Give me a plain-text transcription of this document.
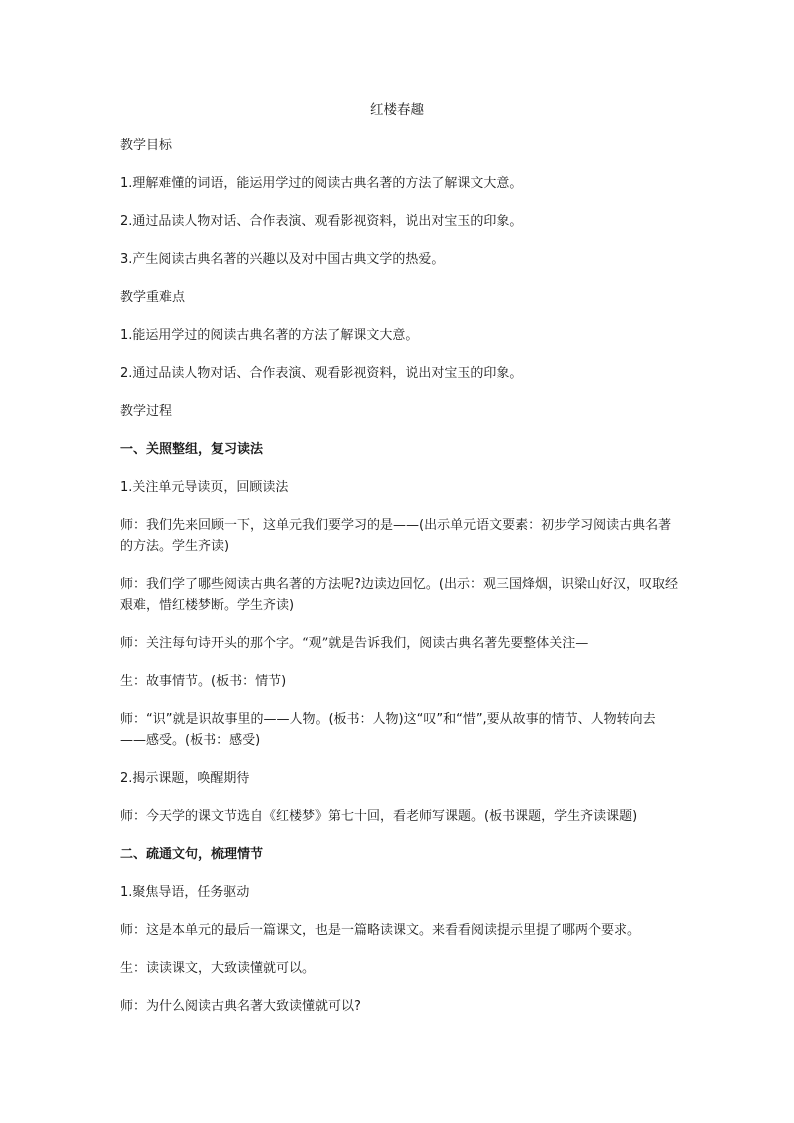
红楼春趣

教学目标

1.理解难懂的词语，能运用学过的阅读古典名著的方法了解课文大意。

2.通过品读人物对话、合作表演、观看影视资料，说出对宝玉的印象。

3.产生阅读古典名著的兴趣以及对中国古典文学的热爱。

教学重难点

1.能运用学过的阅读古典名著的方法了解课文大意。

2.通过品读人物对话、合作表演、观看影视资料，说出对宝玉的印象。

教学过程

一、关照整组，复习读法

1.关注单元导读页，回顾读法

师：我们先来回顾一下，这单元我们要学习的是——(出示单元语文要素：初步学习阅读古典名著的方法。学生齐读)

师：我们学了哪些阅读古典名著的方法呢?边读边回忆。(出示：观三国烽烟，识梁山好汉，叹取经艰难，惜红楼梦断。学生齐读)

师：关注每句诗开头的那个字。“观”就是告诉我们，阅读古典名著先要整体关注—

生：故事情节。(板书：情节)

师：“识”就是识故事里的——人物。(板书：人物)这“叹”和“惜”,要从故事的情节、人物转向去——感受。(板书：感受)

2.揭示课题，唤醒期待

师：今天学的课文节选自《红楼梦》第七十回，看老师写课题。(板书课题，学生齐读课题)

二、疏通文句，梳理情节

1.聚焦导语，任务驱动

师：这是本单元的最后一篇课文，也是一篇略读课文。来看看阅读提示里提了哪两个要求。

生：读读课文，大致读懂就可以。

师：为什么阅读古典名著大致读懂就可以?
